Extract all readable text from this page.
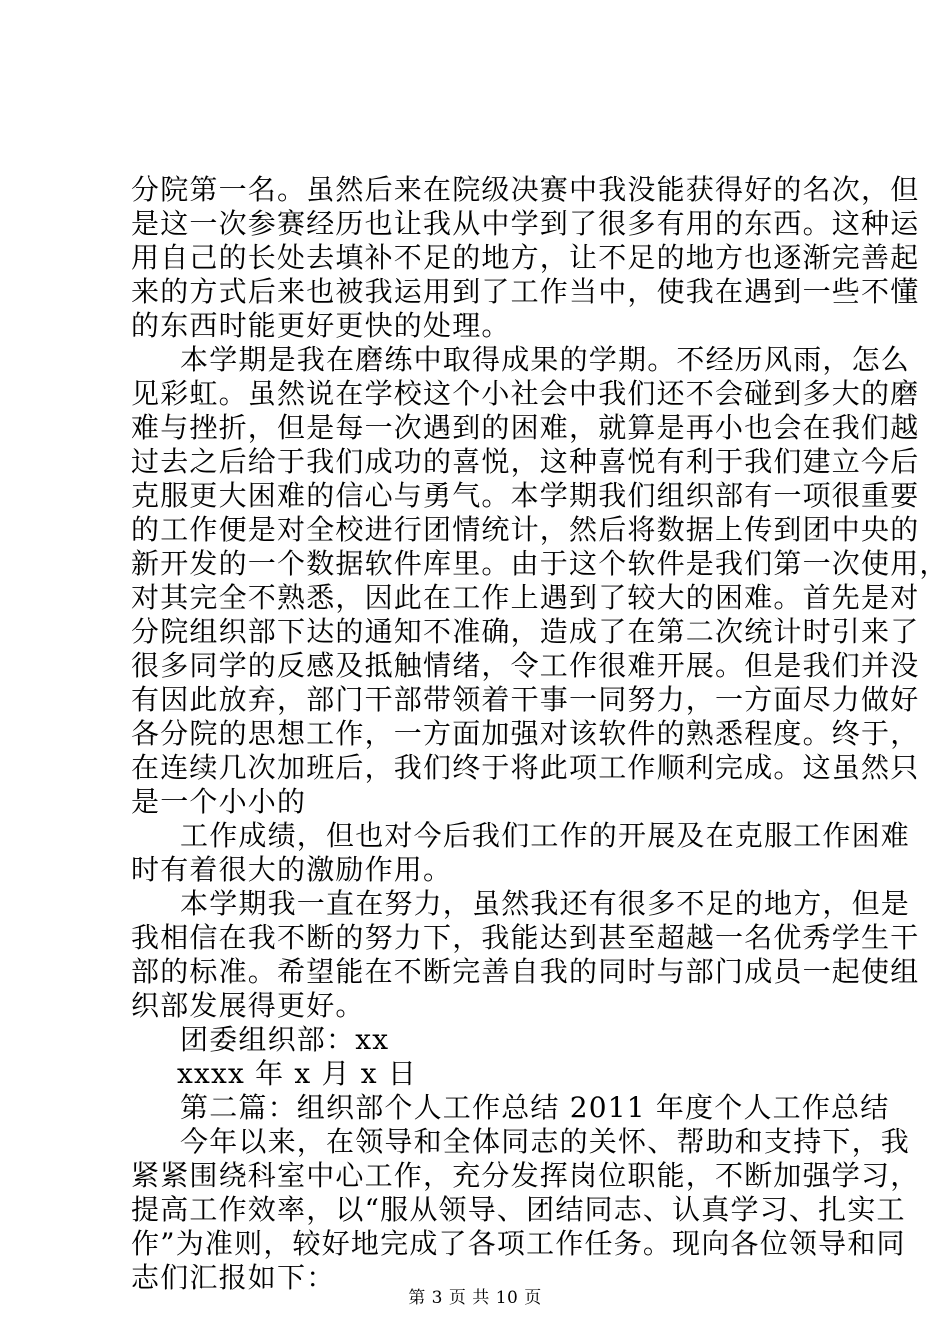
分院第一名。虽然后来在院级决赛中我没能获得好的名次，但
是这一次参赛经历也让我从中学到了很多有用的东西。这种运
用自己的长处去填补不足的地方，让不足的地方也逐渐完善起
来的方式后来也被我运用到了工作当中，使我在遇到一些不懂
的东西时能更好更快的处理。
本学期是我在磨练中取得成果的学期。不经历风雨，怎么
见彩虹。虽然说在学校这个小社会中我们还不会碰到多大的磨
难与挫折，但是每一次遇到的困难，就算是再小也会在我们越
过去之后给于我们成功的喜悦，这种喜悦有利于我们建立今后
克服更大困难的信心与勇气。本学期我们组织部有一项很重要
的工作便是对全校进行团情统计，然后将数据上传到团中央的
新开发的一个数据软件库里。由于这个软件是我们第一次使用，
对其完全不熟悉，因此在工作上遇到了较大的困难。首先是对
分院组织部下达的通知不准确，造成了在第二次统计时引来了
很多同学的反感及抵触情绪，令工作很难开展。但是我们并没
有因此放弃，部门干部带领着干事一同努力，一方面尽力做好
各分院的思想工作，一方面加强对该软件的熟悉程度。终于，
在连续几次加班后，我们终于将此项工作顺利完成。这虽然只
是一个小小的
工作成绩，但也对今后我们工作的开展及在克服工作困难
时有着很大的激励作用。
本学期我一直在努力，虽然我还有很多不足的地方，但是
我相信在我不断的努力下，我能达到甚至超越一名优秀学生干
部的标准。希望能在不断完善自我的同时与部门成员一起使组
织部发展得更好。
团委组织部：xx
xxxx 年 x 月 x 日
第二篇：组织部个人工作总结 2011 年度个人工作总结
今年以来，在领导和全体同志的关怀、帮助和支持下，我
紧紧围绕科室中心工作，充分发挥岗位职能，不断加强学习，
提高工作效率，以“服从领导、团结同志、认真学习、扎实工
作”为准则，较好地完成了各项工作任务。现向各位领导和同
志们汇报如下：
第 3 页 共 10 页
